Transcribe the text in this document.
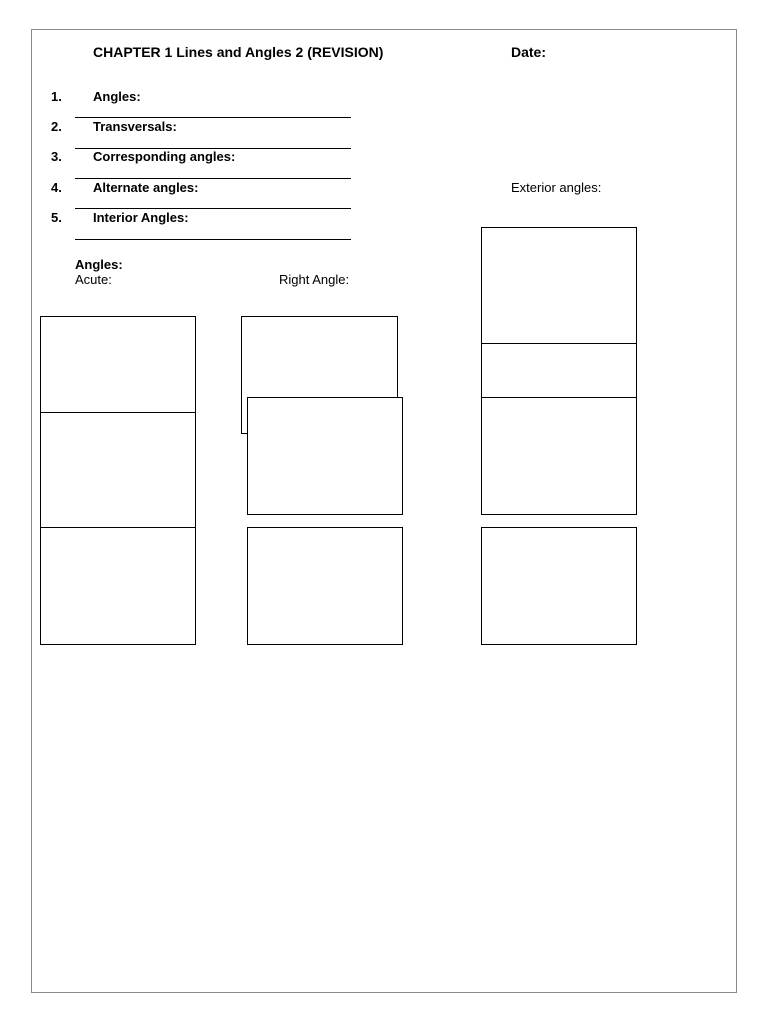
CHAPTER 1 Lines and Angles 2 (REVISION)	Date:
1. Angles:
2. Transversals:
3. Corresponding angles:
4. Alternate angles:
5. Interior Angles:
Exterior angles:
Angles:
Acute:	Right Angle:
